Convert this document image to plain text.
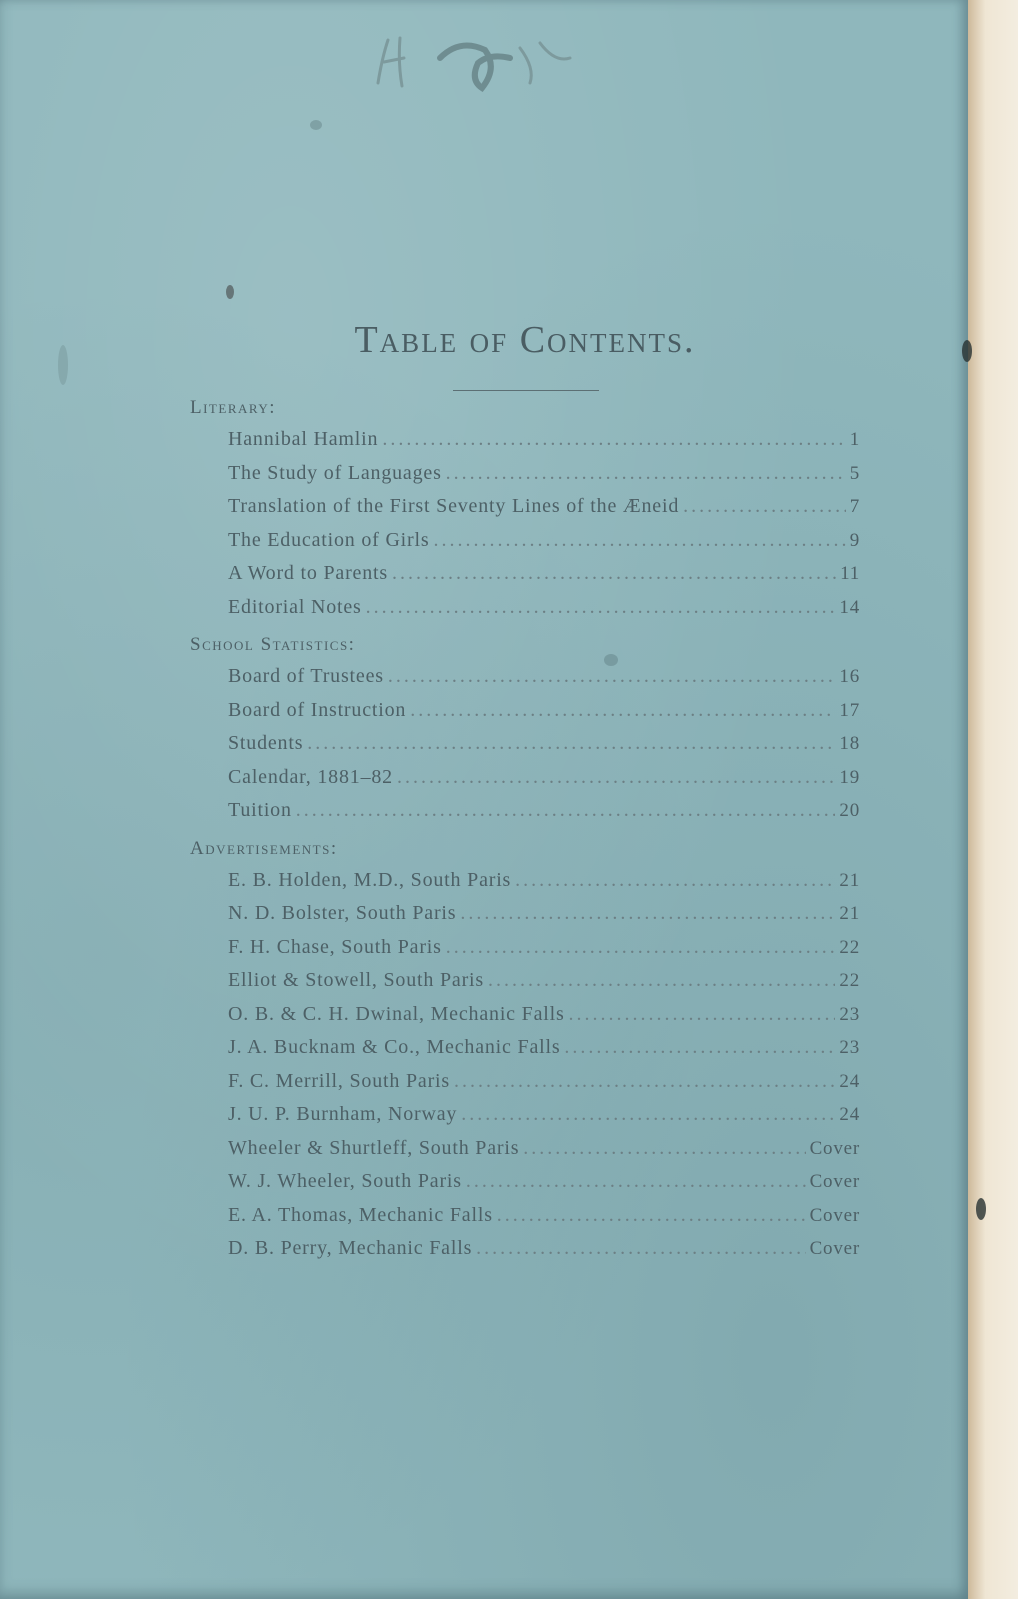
Table of Contents.
Literary:
Hannibal Hamlin .....	1
The Study of Languages .....	5
Translation of the First Seventy Lines of the Æneid .....	7
The Education of Girls .....	9
A Word to Parents .....	11
Editorial Notes .....	14
School Statistics:
Board of Trustees .....	16
Board of Instruction .....	17
Students .....	18
Calendar, 1881–82 .....	19
Tuition .....	20
Advertisements:
E. B. Holden, M.D., South Paris .....	21
N. D. Bolster, South Paris .....	21
F. H. Chase, South Paris .....	22
Elliot & Stowell, South Paris .....	22
O. B. & C. H. Dwinal, Mechanic Falls .....	23
J. A. Bucknam & Co., Mechanic Falls .....	23
F. C. Merrill, South Paris .....	24
J. U. P. Burnham, Norway .....	24
Wheeler & Shurtleff, South Paris .....	Cover
W. J. Wheeler, South Paris .....	Cover
E. A. Thomas, Mechanic Falls .....	Cover
D. B. Perry, Mechanic Falls .....	Cover
